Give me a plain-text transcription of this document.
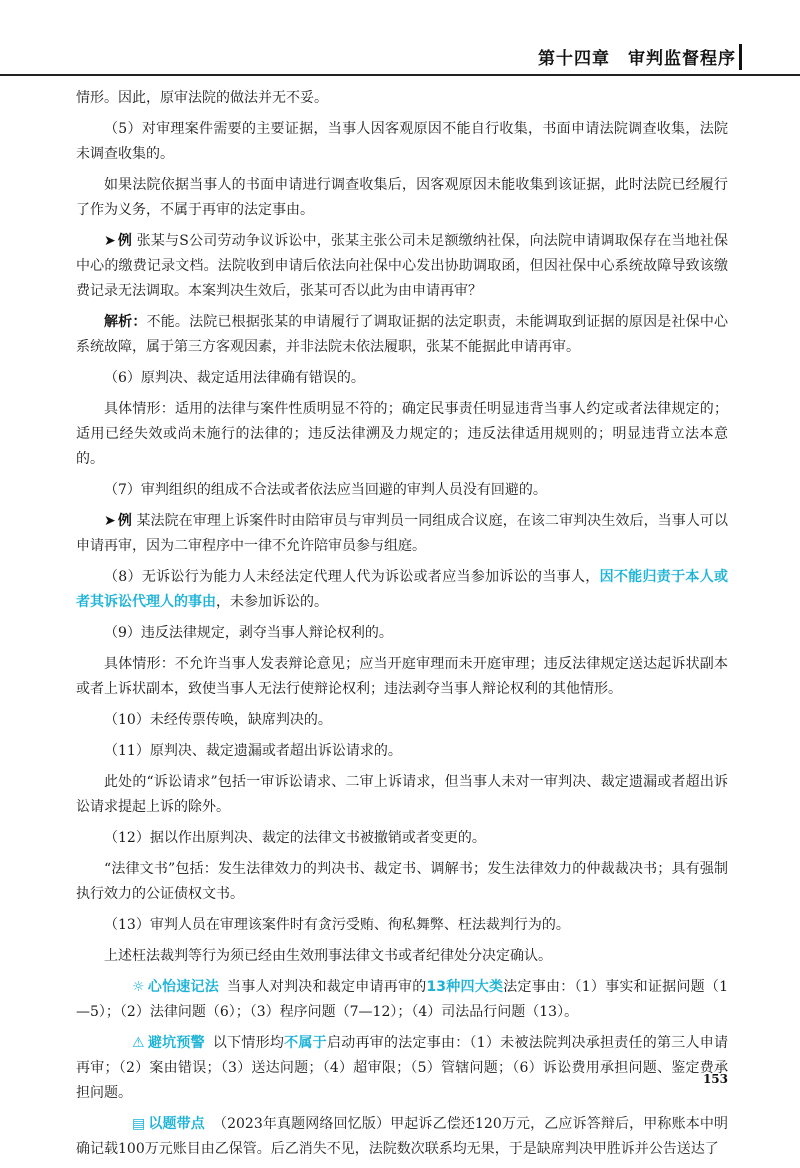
第十四章　审判监督程序

情形。因此，原审法院的做法并无不妥。

（5）对审理案件需要的主要证据，当事人因客观原因不能自行收集，书面申请法院调查收集，法院未调查收集的。

如果法院依据当事人的书面申请进行调查收集后，因客观原因未能收集到该证据，此时法院已经履行了作为义务，不属于再审的法定事由。

➤ 例 张某与S公司劳动争议诉讼中，张某主张公司未足额缴纳社保，向法院申请调取保存在当地社保中心的缴费记录文档。法院收到申请后依法向社保中心发出协助调取函，但因社保中心系统故障导致该缴费记录无法调取。本案判决生效后，张某可否以此为由申请再审？

解析：不能。法院已根据张某的申请履行了调取证据的法定职责，未能调取到证据的原因是社保中心系统故障，属于第三方客观因素，并非法院未依法履职，张某不能据此申请再审。

（6）原判决、裁定适用法律确有错误的。

具体情形：适用的法律与案件性质明显不符的；确定民事责任明显违背当事人约定或者法律规定的；适用已经失效或尚未施行的法律的；违反法律溯及力规定的；违反法律适用规则的；明显违背立法本意的。

（7）审判组织的组成不合法或者依法应当回避的审判人员没有回避的。

➤ 例 某法院在审理上诉案件时由陪审员与审判员一同组成合议庭，在该二审判决生效后，当事人可以申请再审，因为二审程序中一律不允许陪审员参与组庭。

（8）无诉讼行为能力人未经法定代理人代为诉讼或者应当参加诉讼的当事人，因不能归责于本人或者其诉讼代理人的事由，未参加诉讼的。

（9）违反法律规定，剥夺当事人辩论权利的。

具体情形：不允许当事人发表辩论意见；应当开庭审理而未开庭审理；违反法律规定送达起诉状副本或者上诉状副本，致使当事人无法行使辩论权利；违法剥夺当事人辩论权利的其他情形。

（10）未经传票传唤，缺席判决的。

（11）原判决、裁定遗漏或者超出诉讼请求的。

此处的“诉讼请求”包括一审诉讼请求、二审上诉请求，但当事人未对一审判决、裁定遗漏或者超出诉讼请求提起上诉的除外。

（12）据以作出原判决、裁定的法律文书被撤销或者变更的。

“法律文书”包括：发生法律效力的判决书、裁定书、调解书；发生法律效力的仲裁裁决书；具有强制执行效力的公证债权文书。

（13）审判人员在审理该案件时有贪污受贿、徇私舞弊、枉法裁判行为的。

上述枉法裁判等行为须已经由生效刑事法律文书或者纪律处分决定确认。

☼ 心怡速记法 当事人对判决和裁定申请再审的13种四大类法定事由：（1）事实和证据问题（1—5）；（2）法律问题（6）；（3）程序问题（7—12）；（4）司法品行问题（13）。

⚠ 避坑预警 以下情形均不属于启动再审的法定事由：（1）未被法院判决承担责任的第三人申请再审；（2）案由错误；（3）送达问题；（4）超审限；（5）管辖问题；（6）诉讼费用承担问题、鉴定费承担问题。

▤ 以题带点 （2023年真题网络回忆版）甲起诉乙偿还120万元，乙应诉答辩后，甲称账本中明确记载100万元账目由乙保管。后乙消失不见，法院数次联系均无果，于是缺席判决甲胜诉并公告送达了

153
